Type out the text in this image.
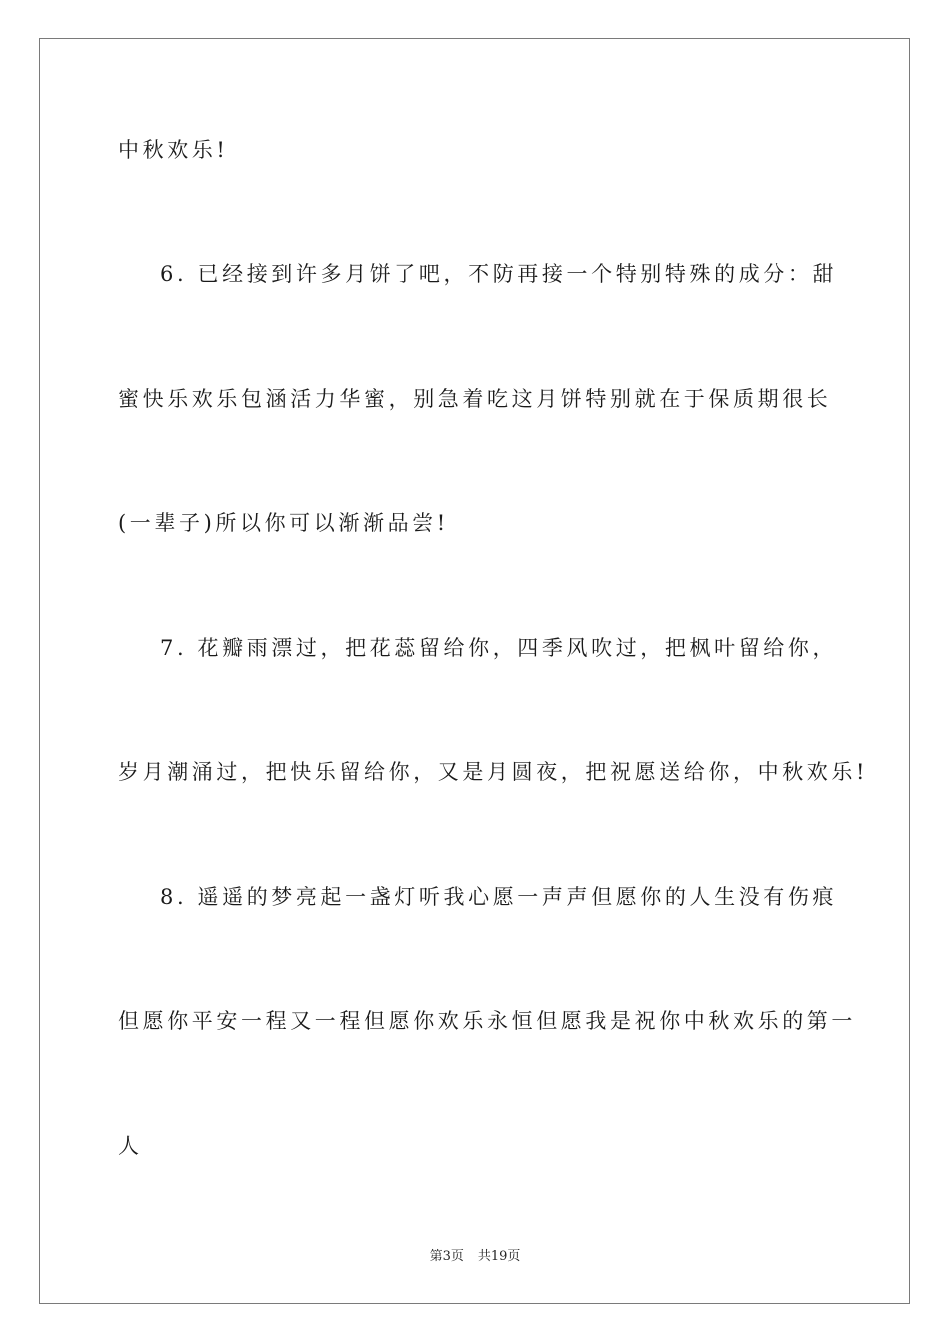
中秋欢乐!
6. 已经接到许多月饼了吧，不防再接一个特别特殊的成分：甜
蜜快乐欢乐包涵活力华蜜，别急着吃这月饼特别就在于保质期很长
(一辈子)所以你可以渐渐品尝!
7. 花瓣雨漂过，把花蕊留给你，四季风吹过，把枫叶留给你，
岁月潮涌过，把快乐留给你，又是月圆夜，把祝愿送给你，中秋欢乐!
8. 遥遥的梦亮起一盏灯听我心愿一声声但愿你的人生没有伤痕
但愿你平安一程又一程但愿你欢乐永恒但愿我是祝你中秋欢乐的第一
人
第3页 共19页
